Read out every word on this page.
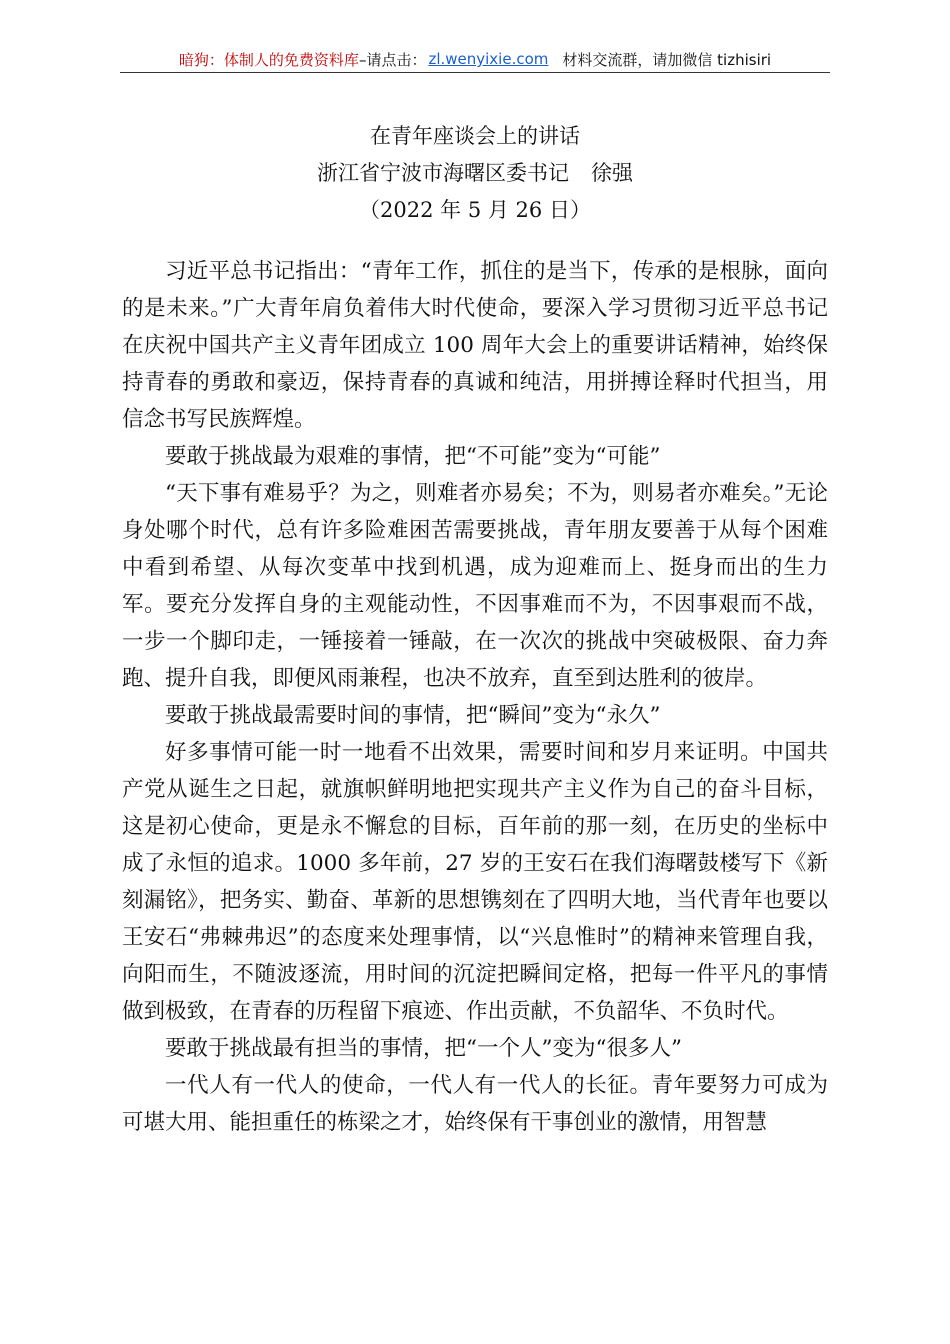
暗狗：体制人的免费资料库 –请点击： zl.wenyixie.com 材料交流群，请加微信 tizhisiri
在青年座谈会上的讲话
浙江省宁波市海曙区委书记 徐强
（2022 年 5 月 26 日）

习近平总书记指出：“青年工作，抓住的是当下，传承的是根脉，面向的是未来。”广大青年肩负着伟大时代使命，要深入学习贯彻习近平总书记在庆祝中国共产主义青年团成立 100 周年大会上的重要讲话精神，始终保持青春的勇敢和豪迈，保持青春的真诚和纯洁，用拼搏诠释时代担当，用信念书写民族辉煌。

要敢于挑战最为艰难的事情，把“不可能”变为“可能”

“天下事有难易乎？为之，则难者亦易矣；不为，则易者亦难矣。”无论身处哪个时代，总有许多险难困苦需要挑战，青年朋友要善于从每个困难中看到希望、从每次变革中找到机遇，成为迎难而上、挺身而出的生力军。要充分发挥自身的主观能动性，不因事难而不为，不因事艰而不战，一步一个脚印走，一锤接着一锤敲，在一次次的挑战中突破极限、奋力奔跑、提升自我，即便风雨兼程，也决不放弃，直至到达胜利的彼岸。

要敢于挑战最需要时间的事情，把“瞬间”变为“永久”

好多事情可能一时一地看不出效果，需要时间和岁月来证明。中国共产党从诞生之日起，就旗帜鲜明地把实现共产主义作为自己的奋斗目标，这是初心使命，更是永不懈怠的目标，百年前的那一刻，在历史的坐标中成了永恒的追求。1000 多年前，27 岁的王安石在我们海曙鼓楼写下《新刻漏铭》，把务实、勤奋、革新的思想镌刻在了四明大地，当代青年也要以王安石“弗棘弗迟”的态度来处理事情，以“兴息惟时”的精神来管理自我，向阳而生，不随波逐流，用时间的沉淀把瞬间定格，把每一件平凡的事情做到极致，在青春的历程留下痕迹、作出贡献，不负韶华、不负时代。

要敢于挑战最有担当的事情，把“一个人”变为“很多人”

一代人有一代人的使命，一代人有一代人的长征。青年要努力可成为可堪大用、能担重任的栋梁之才，始终保有干事创业的激情，用智慧
